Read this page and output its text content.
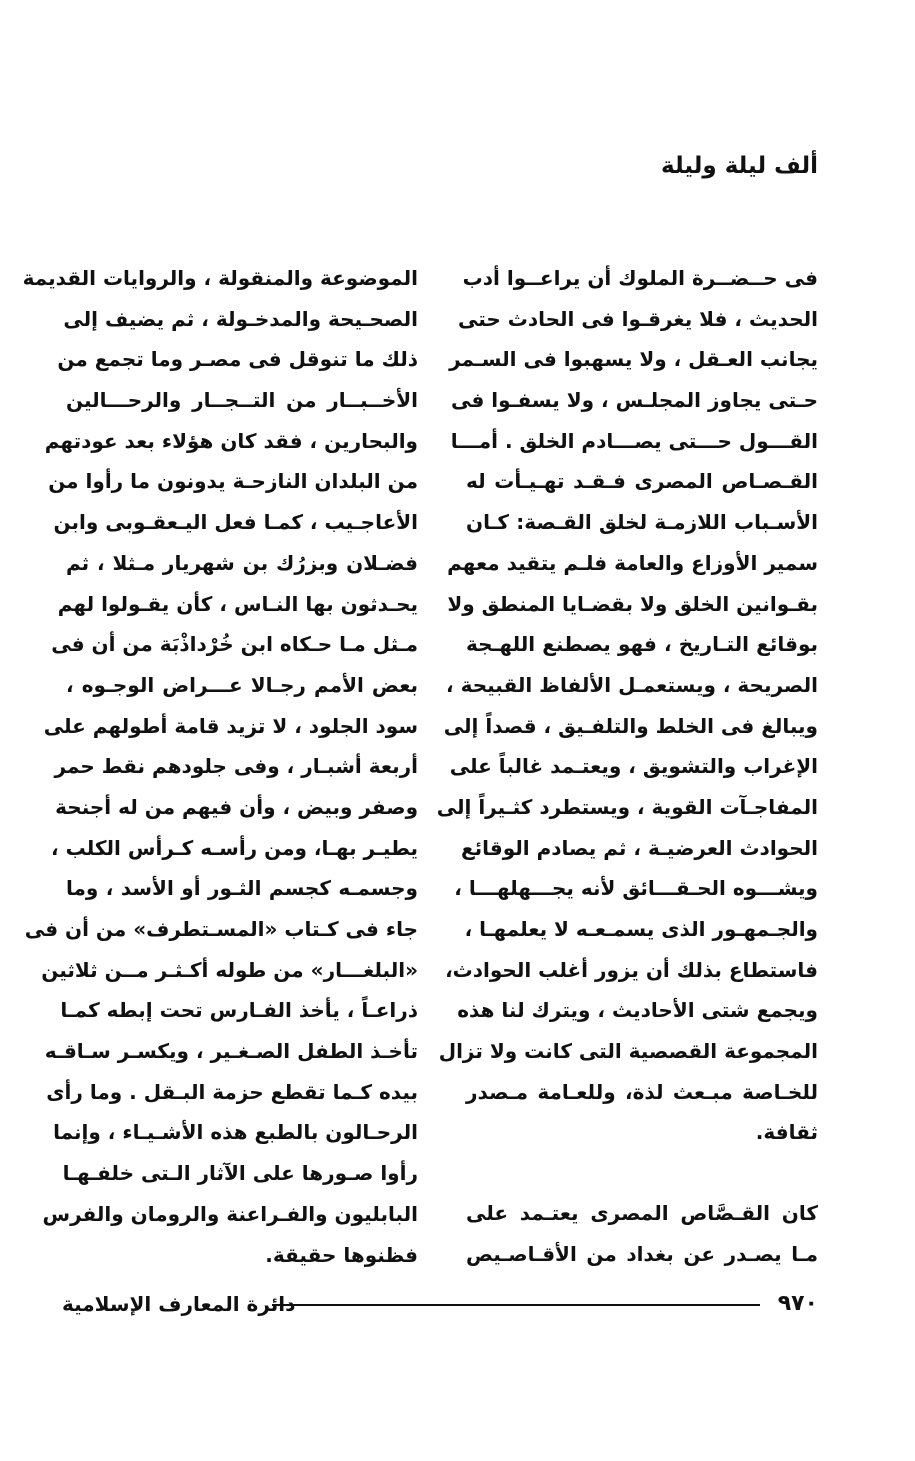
ألف ليلة وليلة
فى حــضــرة الملوك أن يراعــوا أدب
الحديث ، فلا يغرقـوا فى الحادث حتى
يجانب العـقل ، ولا يسهبوا فى السـمر
حـتى يجاوز المجلـس ، ولا يسفـوا فى
القـــول حـــتى يصـــادم الخلق . أمـــا
القـصـاص المصرى فـقـد تهـيـأت له
الأسـباب اللازمـة لخلق القـصة: كـان
سمير الأوزاع والعامة فلـم يتقيد معهم
بقـوانين الخلق ولا بقضـايا المنطق ولا
بوقائع التـاريخ ، فهو يصطنع اللهـجة
الصريحة ، ويستعمـل الألفاظ القبيحة ،
ويبالغ فى الخلط والتلفـيق ، قصداً إلى
الإغراب والتشويق ، ويعتـمد غالباً على
المفاجـآت القوية ، ويستطرد كثـيراً إلى
الحوادث العرضيـة ، ثم يصادم الوقائع
ويشـــوه الحـقـــائق لأنه يجـــهلهـــا ،
والجـمهـور الذى يسمـعـه لا يعلمهـا ،
فاستطاع بذلك أن يزور أغلب الحوادث،
ويجمع شتى الأحاديث ، ويترك لنا هذه
المجموعة القصصية التى كانت ولا تزال
للخـاصة مبـعث لذة، وللعـامة مـصدر
ثقافة.
كان القـصَّاص المصرى يعتـمد على
مـا يصـدر عن بغداد من الأقـاصـيص
الموضوعة والمنقولة ، والروايات القديمة
الصحـيحة والمدخـولة ، ثم يضيف إلى
ذلك ما تنوقل فى مصـر وما تجمع من
الأخــبــار من التــجــار والرحـــالين
والبحارين ، فقد كان هؤلاء بعد عودتهم
من البلدان النازحـة يدونون ما رأوا من
الأعاجـيب ، كمـا فعل اليـعقـوبى وابن
فضـلان وبزرُك بن شهريار مـثلا ، ثم
يحـدثون بها النـاس ، كأن يقـولوا لهم
مـثل مـا حـكاه ابن خُرْداذْبَة من أن فى
بعض الأمم رجـالا عـــراض الوجـوه ،
سود الجلود ، لا تزيد قامة أطولهم على
أربعة أشبـار ، وفى جلودهم نقط حمر
وصفر وبيض ، وأن فيهم من له أجنحة
يطيـر بهـا، ومن رأسـه كـرأس الكلب ،
وجسمـه كجسم الثـور أو الأسد ، وما
جاء فى كـتاب «المسـتطرف» من أن فى
«البلغـــار» من طوله أكـثـر مــن ثلاثين
ذراعـاً ، يأخذ الفـارس تحت إبطه كمـا
تأخـذ الطفل الصـغـير ، ويكسـر سـاقـه
بيده كـما تقطع حزمة البـقل . وما رأى
الرحـالون بالطبع هذه الأشـيـاء ، وإنما
رأوا صـورها على الآثار الـتى خلفـهـا
البابليون والفـراعنة والرومان والفرس
فظنوها حقيقة.
٩٧٠
دائرة المعارف الإسلامية
